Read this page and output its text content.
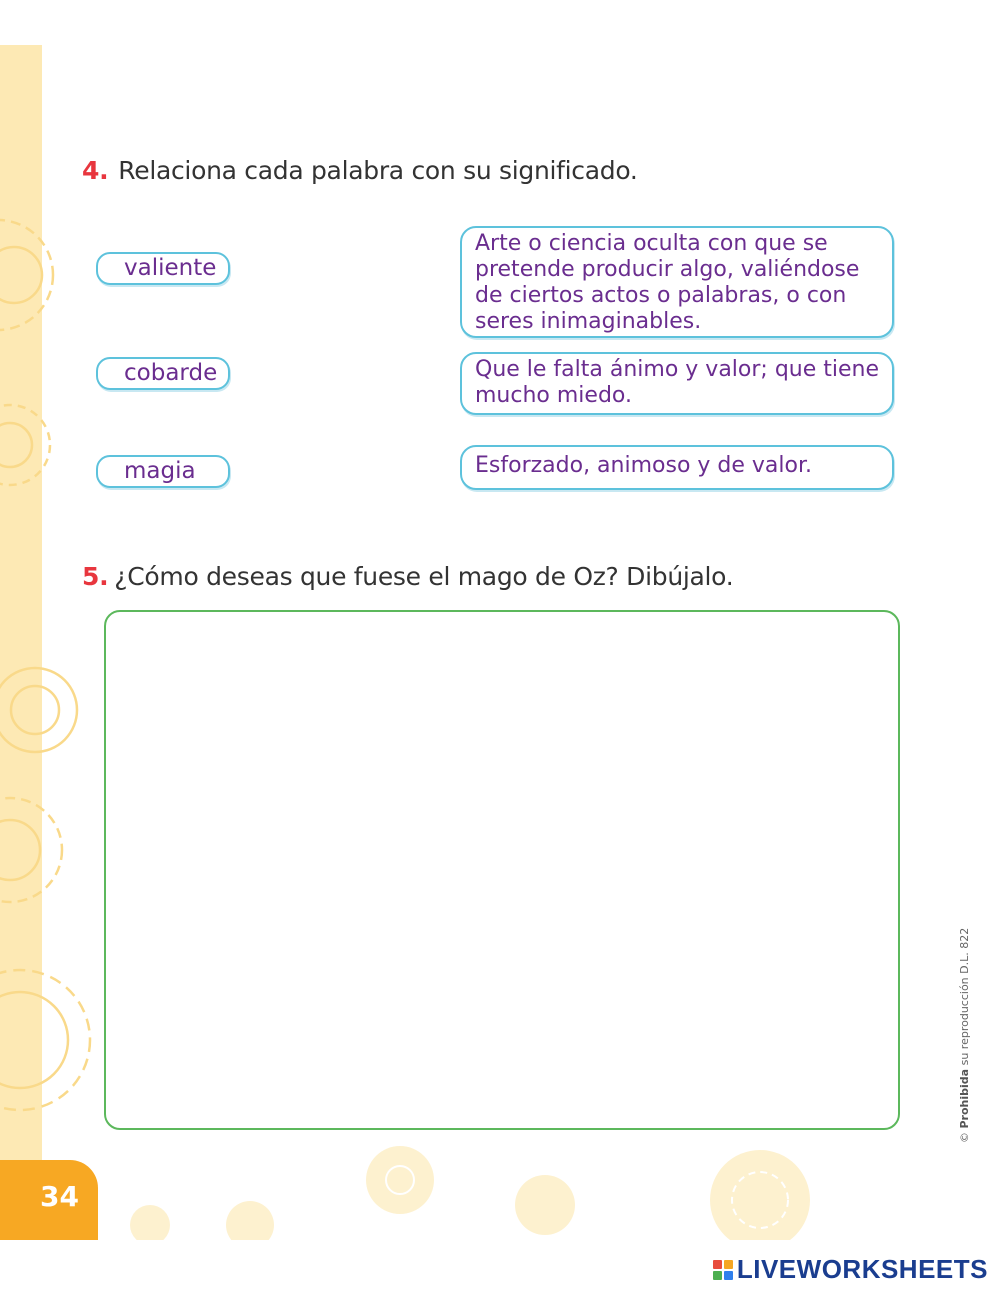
4. Relaciona cada palabra con su significado.
valiente
cobarde
magia
Arte o ciencia oculta con que se pretende producir algo, valiéndose de ciertos actos o palabras, o con seres inimaginables.
Que le falta ánimo y valor; que tiene mucho miedo.
Esforzado, animoso y de valor.
5. ¿Cómo deseas que fuese el mago de Oz? Dibújalo.
© Prohibida su reproducción D.L. 822
34
LIVEWORKSHEETS
